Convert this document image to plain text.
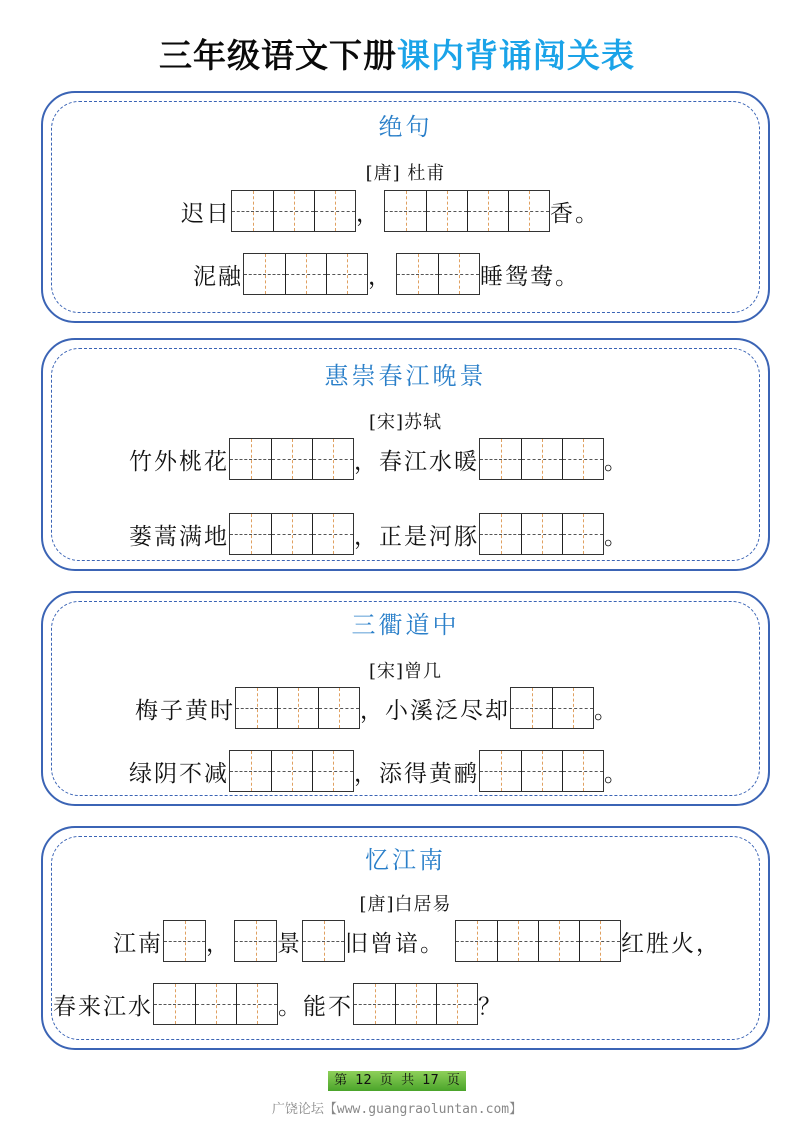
三年级语文下册课内背诵闯关表
绝句
[唐] 杜甫
迟日	，	香。
泥融	，	睡鸳鸯。
惠崇春江晚景
[宋]苏轼
竹外桃花	，春江水暖	。
蒌蒿满地	，正是河豚	。
三衢道中
[宋]曾几
梅子黄时	，小溪泛尽却	。
绿阴不减	，添得黄鹂	。
忆江南
[唐]白居易
江南 ， 景 旧曾谙。	红胜火，
春来江水	。能不	？
第 12 页 共 17 页
广饶论坛【www.guangraoluntan.com】
